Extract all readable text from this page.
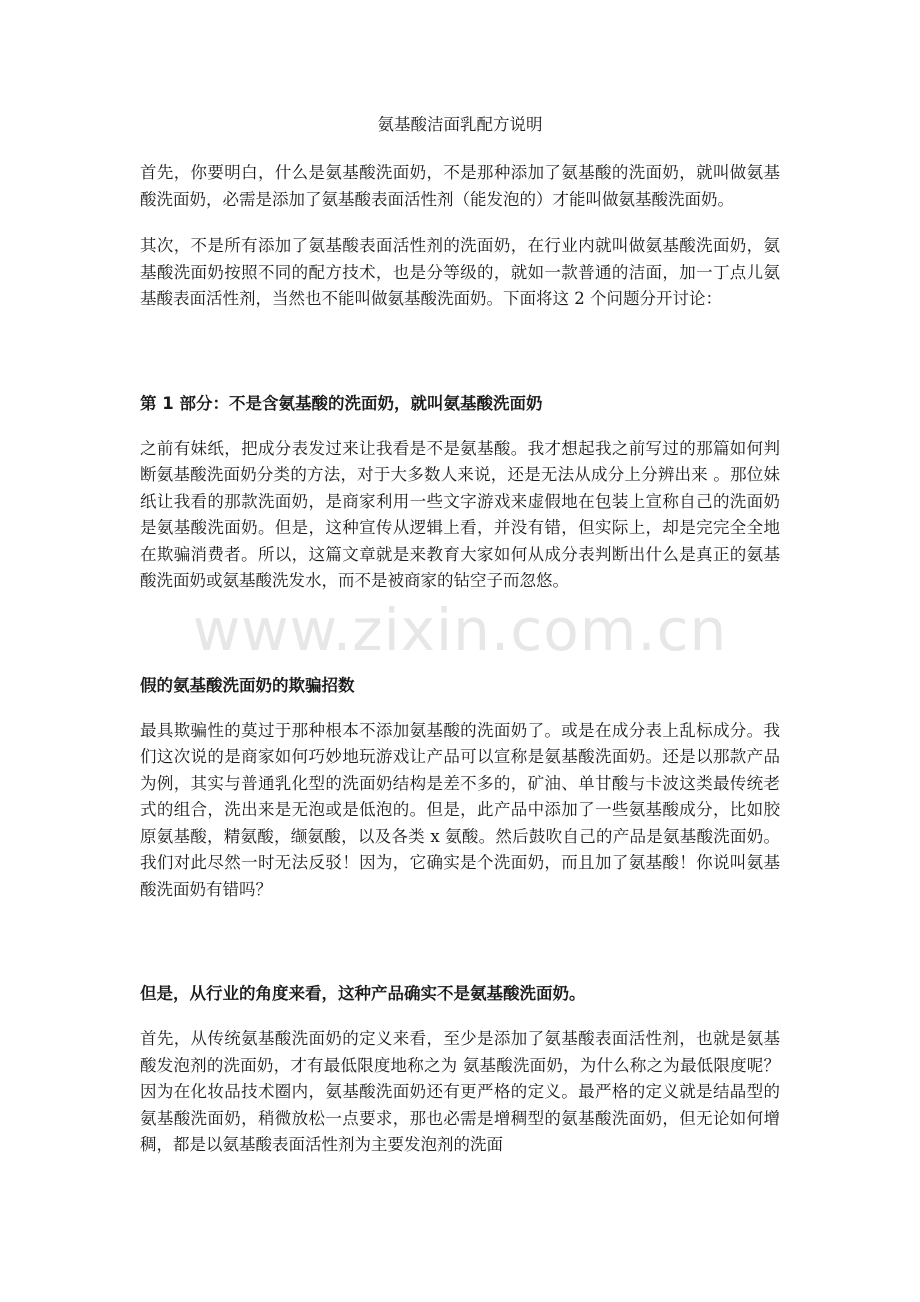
氨基酸洁面乳配方说明

首先，你要明白，什么是氨基酸洗面奶，不是那种添加了氨基酸的洗面奶，就叫做氨基酸洗面奶，必需是添加了氨基酸表面活性剂（能发泡的）才能叫做氨基酸洗面奶。

其次，不是所有添加了氨基酸表面活性剂的洗面奶，在行业内就叫做氨基酸洗面奶，氨基酸洗面奶按照不同的配方技术，也是分等级的，就如一款普通的洁面，加一丁点儿氨基酸表面活性剂，当然也不能叫做氨基酸洗面奶。下面将这 2 个问题分开讨论：

第 1 部分：不是含氨基酸的洗面奶，就叫氨基酸洗面奶

之前有妹纸，把成分表发过来让我看是不是氨基酸。我才想起我之前写过的那篇如何判断氨基酸洗面奶分类的方法，对于大多数人来说，还是无法从成分上分辨出来 。那位妹纸让我看的那款洗面奶，是商家利用一些文字游戏来虚假地在包装上宣称自己的洗面奶是氨基酸洗面奶。但是，这种宣传从逻辑上看，并没有错，但实际上，却是完完全全地在欺骗消费者。所以，这篇文章就是来教育大家如何从成分表判断出什么是真正的氨基酸洗面奶或氨基酸洗发水，而不是被商家的钻空子而忽悠。

假的氨基酸洗面奶的欺骗招数

最具欺骗性的莫过于那种根本不添加氨基酸的洗面奶了。或是在成分表上乱标成分。我们这次说的是商家如何巧妙地玩游戏让产品可以宣称是氨基酸洗面奶。还是以那款产品为例，其实与普通乳化型的洗面奶结构是差不多的，矿油、单甘酸与卡波这类最传统老式的组合，洗出来是无泡或是低泡的。但是，此产品中添加了一些氨基酸成分，比如胶原氨基酸，精氨酸，缬氨酸，以及各类 x 氨酸。然后鼓吹自己的产品是氨基酸洗面奶。我们对此尽然一时无法反驳！因为，它确实是个洗面奶，而且加了氨基酸！你说叫氨基酸洗面奶有错吗？

但是，从行业的角度来看，这种产品确实不是氨基酸洗面奶。

首先，从传统氨基酸洗面奶的定义来看，至少是添加了氨基酸表面活性剂，也就是氨基酸发泡剂的洗面奶，才有最低限度地称之为 氨基酸洗面奶，为什么称之为最低限度呢？因为在化妆品技术圈内，氨基酸洗面奶还有更严格的定义。最严格的定义就是结晶型的氨基酸洗面奶，稍微放松一点要求，那也必需是增稠型的氨基酸洗面奶，但无论如何增稠，都是以氨基酸表面活性剂为主要发泡剂的洗面

www.zixin.com.cn
